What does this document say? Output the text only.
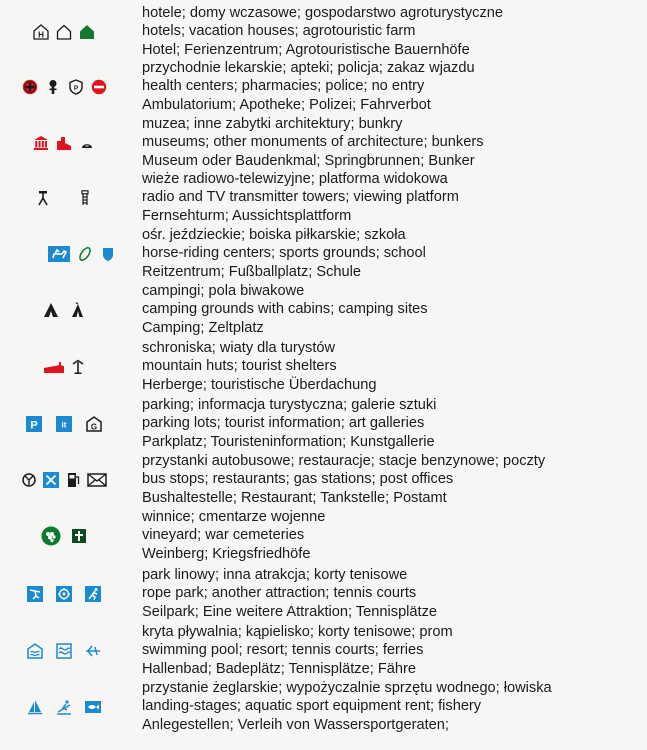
H
hotele; domy wczasowe; gospodarstwo agroturystyczne
hotels; vacation houses; agrotouristic farm
Hotel; Ferienzentrum; Agrotouristische Bauernhöfe
P
przychodnie lekarskie; apteki; policja; zakaz wjazdu
health centers; pharmacies; police; no entry
Ambulatorium; Apotheke; Polizei; Fahrverbot
muzea; inne zabytki architektury; bunkry
museums; other monuments of architecture; bunkers
Museum oder Baudenkmal; Springbrunnen; Bunker
wieże radiowo-telewizyjne; platforma widokowa
radio and TV transmitter towers; viewing platform
Fernsehturm; Aussichtsplattform
ośr. jeździeckie; boiska piłkarskie; szkoła
horse-riding centers; sports grounds; school
Reitzentrum; Fußballplatz; Schule
campingi; pola biwakowe
camping grounds with cabins; camping sites
Camping; Zeltplatz
schroniska; wiaty dla turystów
mountain huts; tourist shelters
Herberge; touristische Überdachung
P	it	G
parking; informacja turystyczna; galerie sztuki
parking lots; tourist information; art galleries
Parkplatz; Touristeninformation; Kunstgallerie
przystanki autobusowe; restauracje; stacje benzynowe; poczty
bus stops; restaurants; gas stations; post offices
Bushaltestelle; Restaurant; Tankstelle; Postamt
winnice; cmentarze wojenne
vineyard; war cemeteries
Weinberg; Kriegsfriedhöfe
park linowy; inna atrakcja; korty tenisowe
rope park; another attraction; tennis courts
Seilpark; Eine weitere Attraktion; Tennisplätze
kryta pływalnia; kąpielisko; korty tenisowe; prom
swimming pool; resort; tennis courts; ferries
Hallenbad; Badeplätz; Tennisplätze; Fähre
przystanie żeglarskie; wypożyczalnie sprzętu wodnego; łowiska
landing-stages; aquatic sport equipment rent; fishery
Anlegestellen; Verleih von Wassersportgeraten;
